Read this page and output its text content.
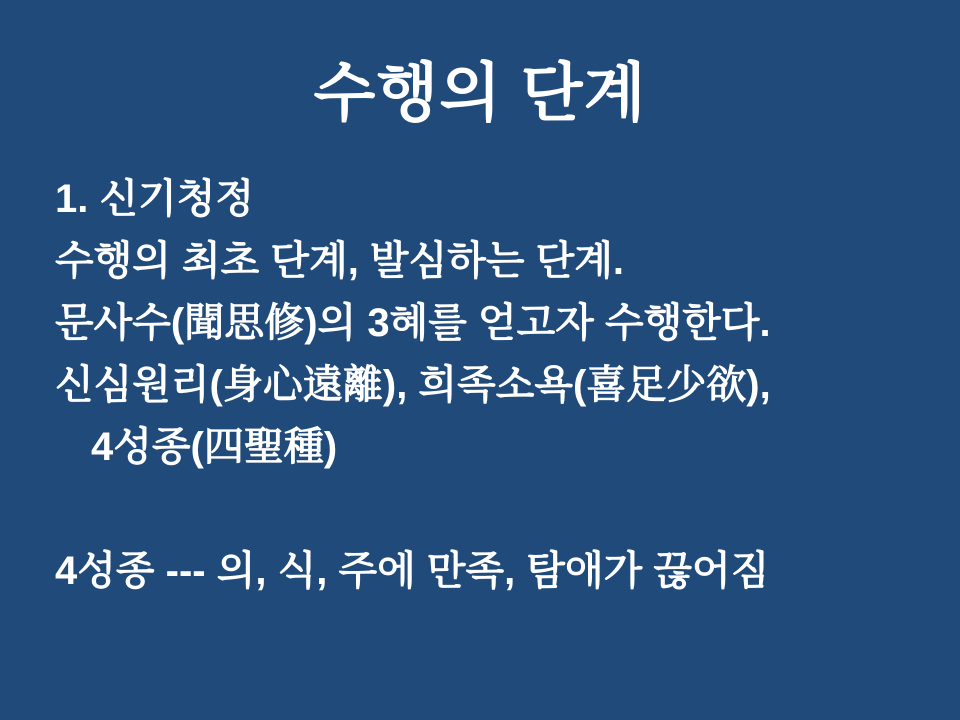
수행의 단계
1. 신기청정
수행의 최초 단계, 발심하는 단계.
문사수(聞思修)의 3혜를 얻고자 수행한다.
신심원리(身心遠離), 희족소욕(喜足少欲),
4성종(四聖種)
4성종 --- 의, 식, 주에 만족, 탐애가 끊어짐
